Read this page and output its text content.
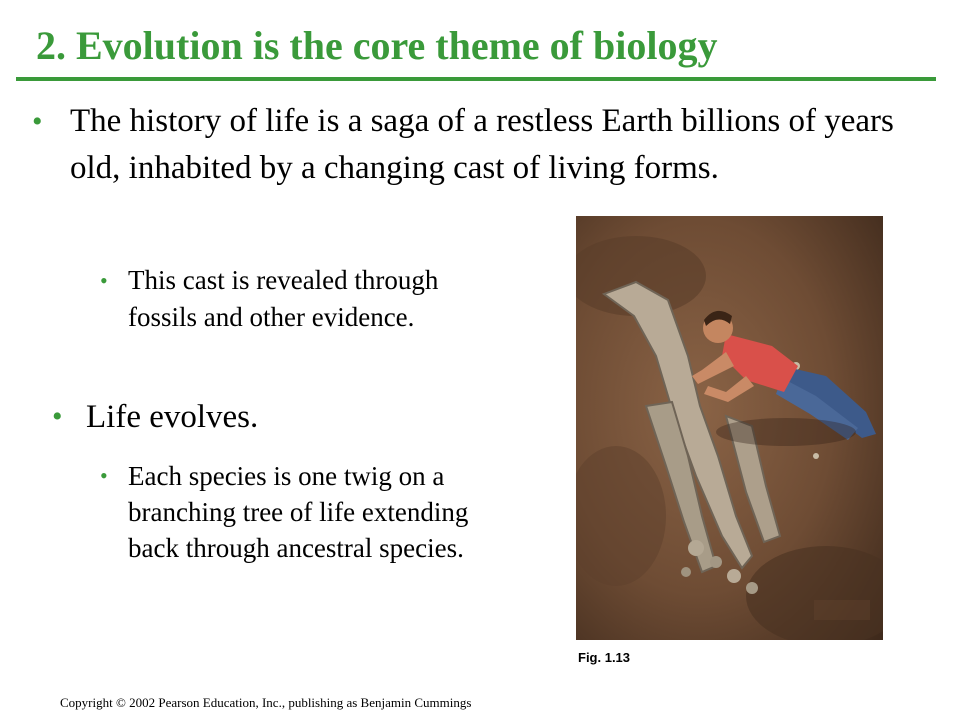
2. Evolution is the core theme of biology

• The history of life is a saga of a restless Earth billions of years old, inhabited by a changing cast of living forms.

• This cast is revealed through fossils and other evidence.

• Life evolves.

• Each species is one twig on a branching tree of life extending back through ancestral species.

Fig. 1.13
Copyright © 2002 Pearson Education, Inc., publishing as Benjamin Cummings
